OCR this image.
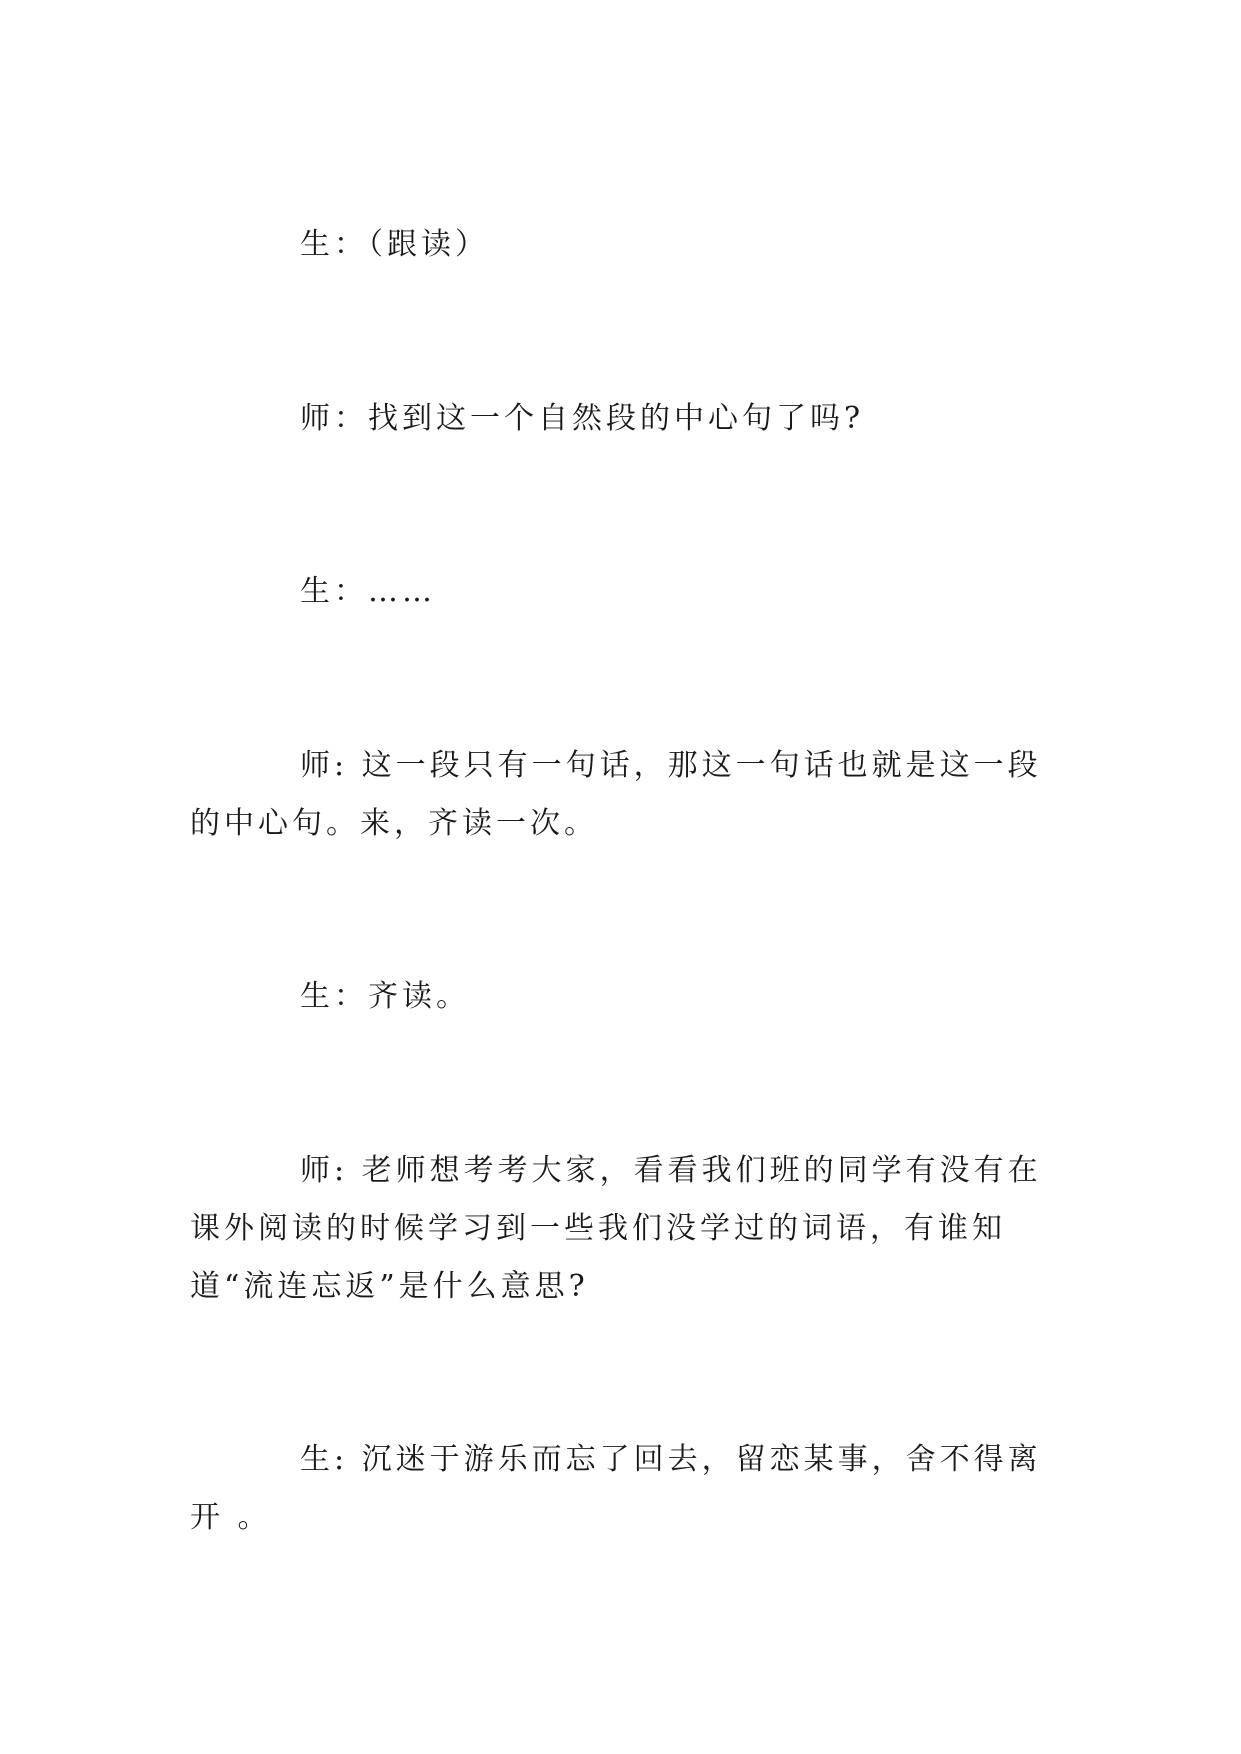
生：（跟读）

师：找到这一个自然段的中心句了吗?

生：……

师: 这一段只有一句话，那这一句话也就是这一段的中心句。来，齐读一次。

生：齐读。

师: 老师想考考大家，看看我们班的同学有没有在课外阅读的时候学习到一些我们没学过的词语，有谁知道“流连忘返”是什么意思?

生: 沉迷于游乐而忘了回去，留恋某事，舍不得离开 。
